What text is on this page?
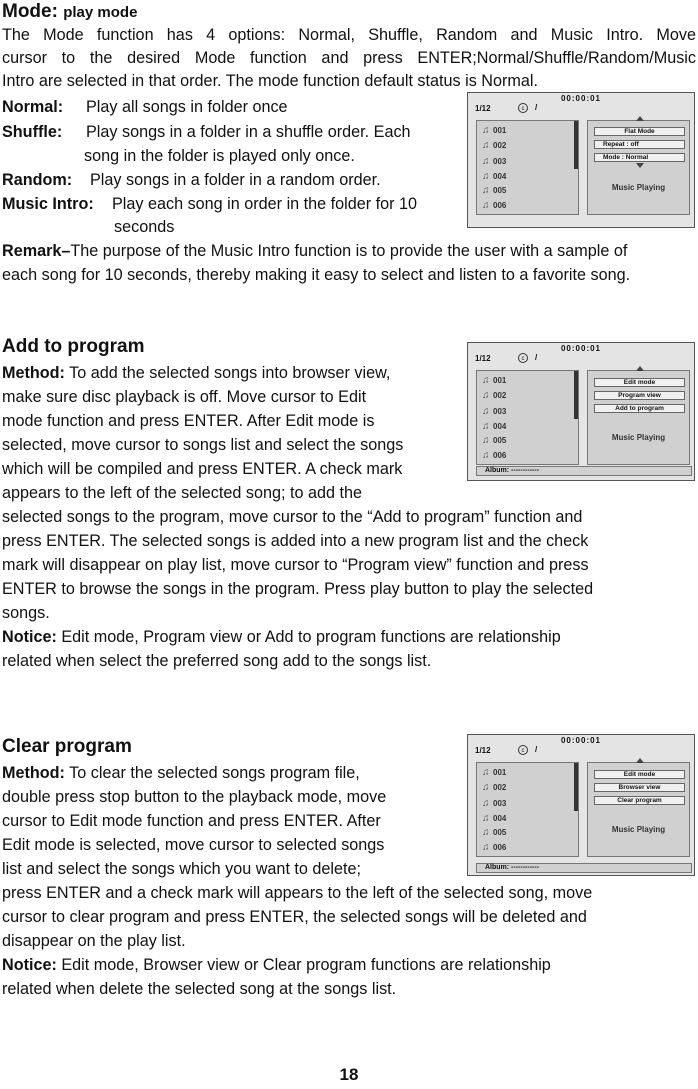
Mode: play mode
The Mode function has 4 options: Normal, Shuffle, Random and Music Intro. Move
cursor to the desired Mode function and press ENTER;Normal/Shuffle/Random/Music
Intro are selected in that order. The mode function default status is Normal.
Normal: Play all songs in folder once
Shuffle: Play songs in a folder in a shuffle order. Each
song in the folder is played only once.
Random: Play songs in a folder in a random order.
Music Intro: Play each song in order in the folder for 10
seconds
Remark–The purpose of the Music Intro function is to provide the user with a sample of
each song for 10 seconds, thereby making it easy to select and listen to a favorite song.
00:00:01
1/12	c	/
♫ 001
♫ 002
♫ 003
♫ 004
♫ 005
♫ 006
Flat Mode
Repeat : off
Mode : Normal
Music Playing
Add to program
Method: To add the selected songs into browser view,
make sure disc playback is off. Move cursor to Edit
mode function and press ENTER. After Edit mode is
selected, move cursor to songs list and select the songs
which will be compiled and press ENTER. A check mark
appears to the left of the selected song; to add the
selected songs to the program, move cursor to the “Add to program” function and
press ENTER. The selected songs is added into a new program list and the check
mark will disappear on play list, move cursor to “Program view” function and press
ENTER to browse the songs in the program. Press play button to play the selected
songs.
Notice: Edit mode, Program view or Add to program functions are relationship
related when select the preferred song add to the songs list.
00:00:01
1/12	c	/
♫ 001
♫ 002
♫ 003
♫ 004
♫ 005
♫ 006
Edit mode
Program view
Add to program
Music Playing
Album: ------------
Clear program
Method: To clear the selected songs program file,
double press stop button to the playback mode, move
cursor to Edit mode function and press ENTER. After
Edit mode is selected, move cursor to selected songs
list and select the songs which you want to delete;
press ENTER and a check mark will appears to the left of the selected song, move
cursor to clear program and press ENTER, the selected songs will be deleted and
disappear on the play list.
Notice: Edit mode, Browser view or Clear program functions are relationship
related when delete the selected song at the songs list.
00:00:01
1/12	c	/
♫ 001
♫ 002
♫ 003
♫ 004
♫ 005
♫ 006
Edit mode
Browser view
Clear program
Music Playing
Album: ------------
18
